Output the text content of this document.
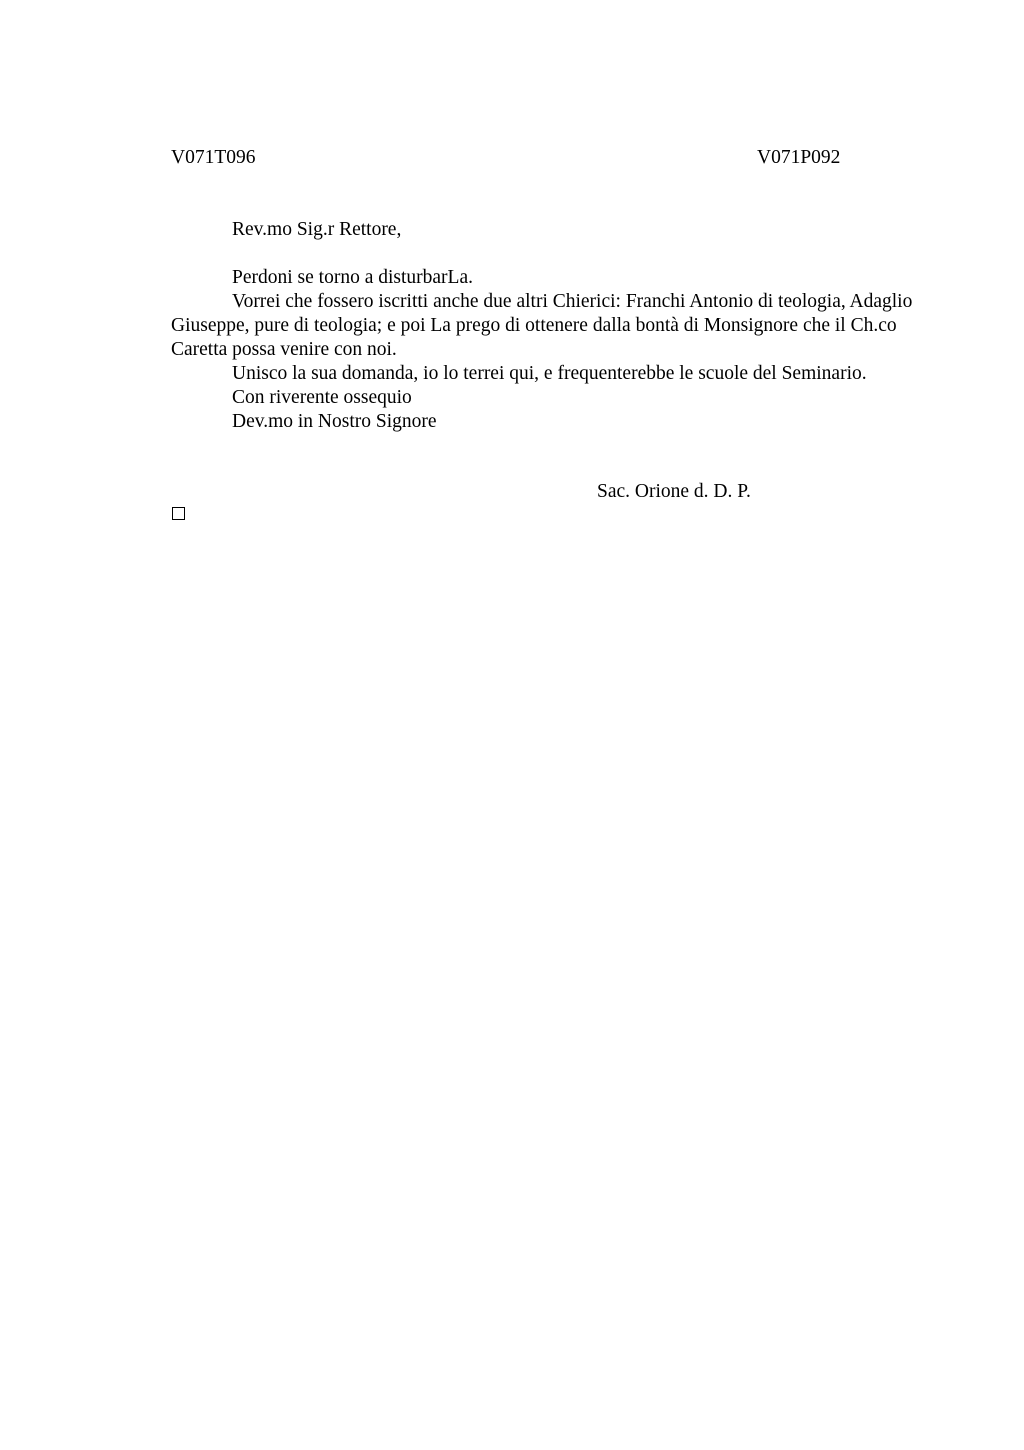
V071T096	V071P092
Rev.mo Sig.r Rettore,

Perdoni se torno a disturbarLa.

Vorrei che fossero iscritti anche due altri Chierici: Franchi Antonio di teologia, Adaglio Giuseppe, pure di teologia; e poi La prego di ottenere dalla bontà di Monsignore che il Ch.co Caretta possa venire con noi.

Unisco la sua domanda, io lo terrei qui, e frequenterebbe le scuole del Seminario.

Con riverente ossequio

Dev.mo in Nostro Signore

Sac. Orione d. D. P.
